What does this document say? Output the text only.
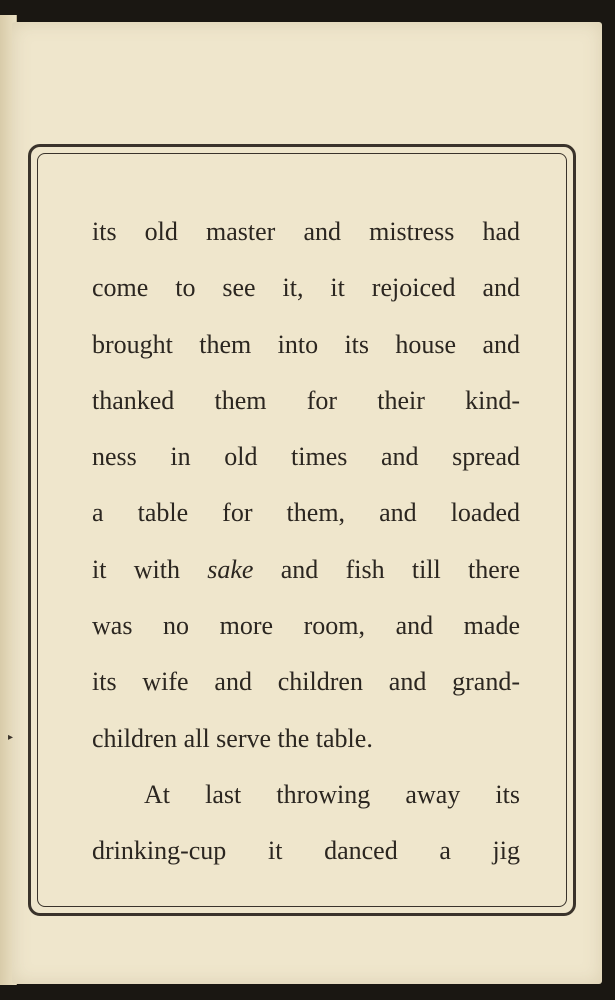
▸
its old master and mistress had
come to see it, it rejoiced and
brought them into its house and
thanked them for their kind-
ness in old times and spread
a table for them, and loaded
it with sake and fish till there
was no more room, and made
its wife and children and grand-
children all serve the table.
At last throwing away its
drinking-cup it danced a jig
